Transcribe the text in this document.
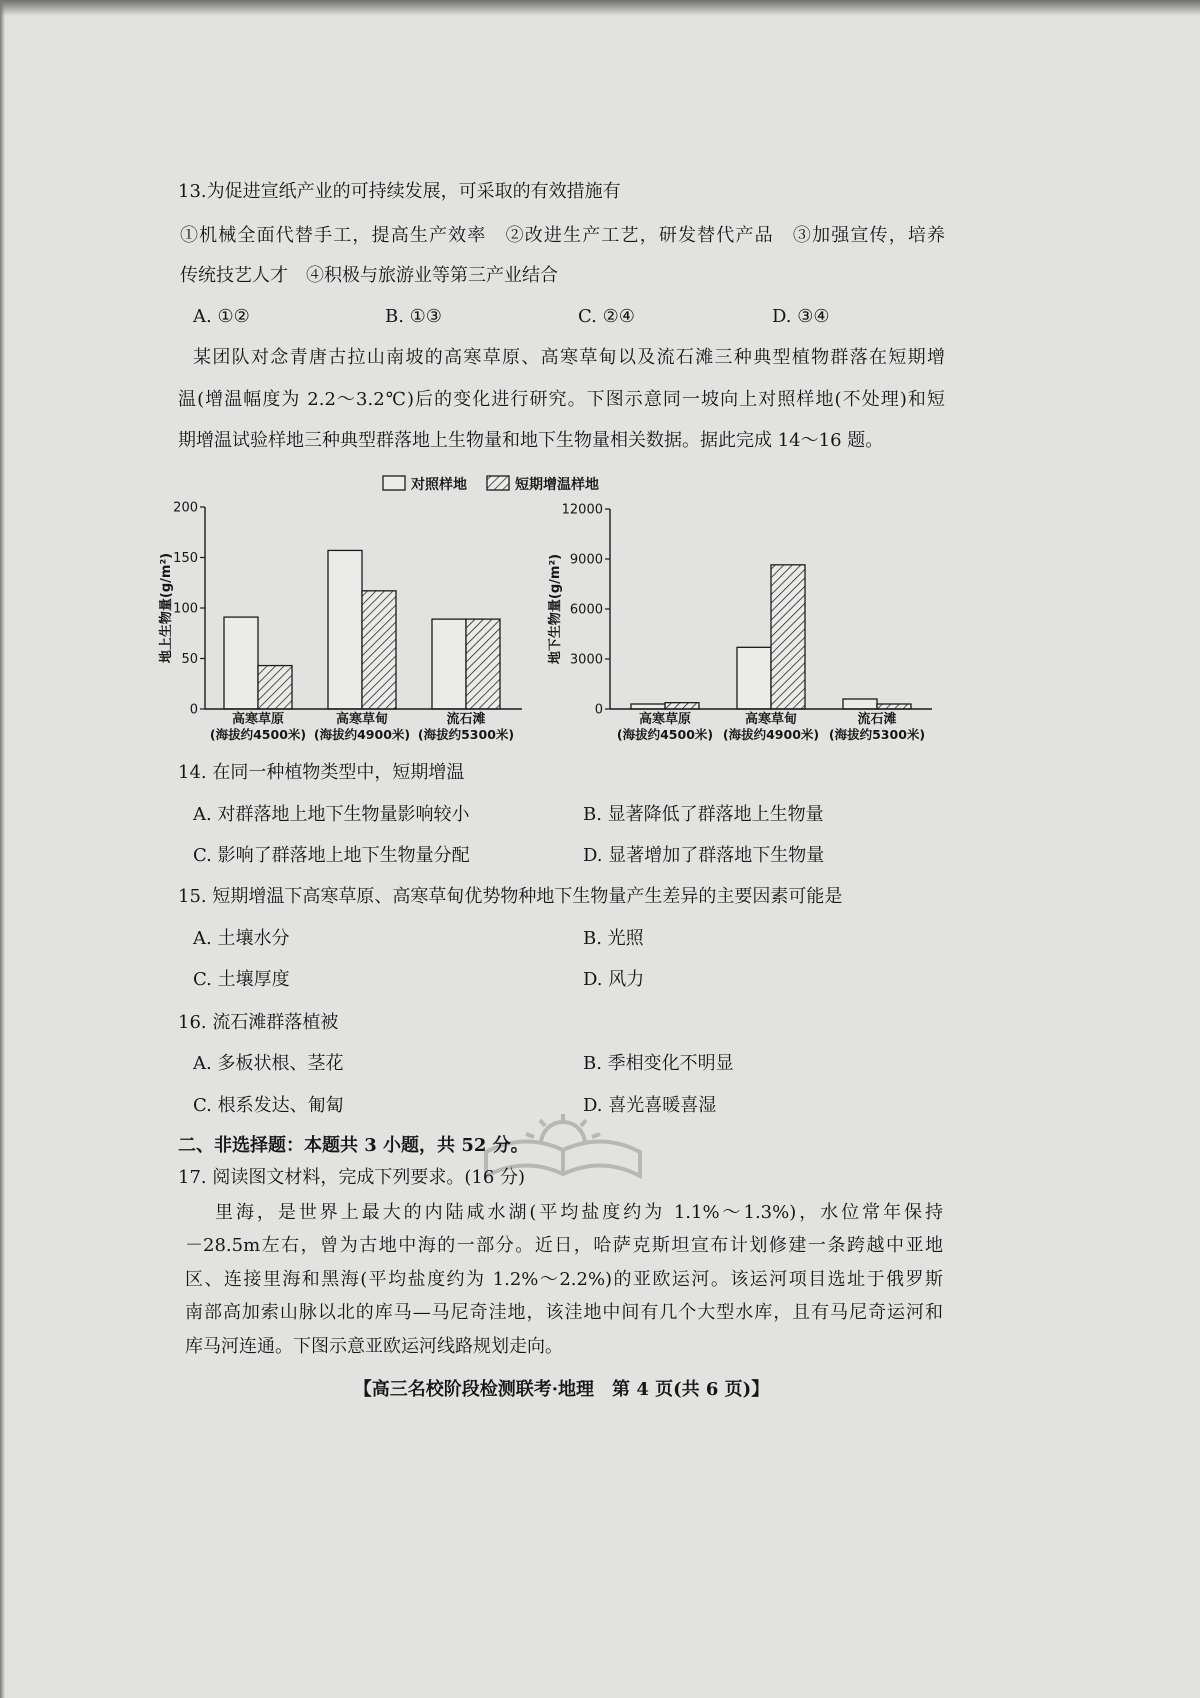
13.为促进宣纸产业的可持续发展，可采取的有效措施有
①机械全面代替手工，提高生产效率　②改进生产工艺，研发替代产品　③加强宣传，培养
传统技艺人才　④积极与旅游业等第三产业结合
A. ①②	B. ①③	C. ②④	D. ③④
某团队对念青唐古拉山南坡的高寒草原、高寒草甸以及流石滩三种典型植物群落在短期增
温(增温幅度为 2.2～3.2℃)后的变化进行研究。下图示意同一坡向上对照样地(不处理)和短
期增温试验样地三种典型群落地上生物量和地下生物量相关数据。据此完成 14～16 题。
对照样地	短期增温样地
0
50
100
150
200
地上生物量(g/m²)
高寒草原
(海拔约4500米)
高寒草甸
(海拔约4900米)
流石滩
(海拔约5300米)
0
3000
6000
9000
12000
地下生物量(g/m²)
高寒草原
(海拔约4500米)
高寒草甸
(海拔约4900米)
流石滩
(海拔约5300米)
14. 在同一种植物类型中，短期增温
A. 对群落地上地下生物量影响较小	B. 显著降低了群落地上生物量
C. 影响了群落地上地下生物量分配	D. 显著增加了群落地下生物量
15. 短期增温下高寒草原、高寒草甸优势物种地下生物量产生差异的主要因素可能是
A. 土壤水分	B. 光照
C. 土壤厚度	D. 风力
16. 流石滩群落植被
A. 多板状根、茎花	B. 季相变化不明显
C. 根系发达、匍匐	D. 喜光喜暖喜湿
二、非选择题：本题共 3 小题，共 52 分。
17. 阅读图文材料，完成下列要求。(16 分)
里海，是世界上最大的内陆咸水湖(平均盐度约为 1.1%～1.3%)，水位常年保持
－28.5m左右，曾为古地中海的一部分。近日，哈萨克斯坦宣布计划修建一条跨越中亚地
区、连接里海和黑海(平均盐度约为 1.2%～2.2%)的亚欧运河。该运河项目选址于俄罗斯
南部高加索山脉以北的库马—马尼奇洼地，该洼地中间有几个大型水库，且有马尼奇运河和
库马河连通。下图示意亚欧运河线路规划走向。
【高三名校阶段检测联考·地理　第 4 页(共 6 页)】
